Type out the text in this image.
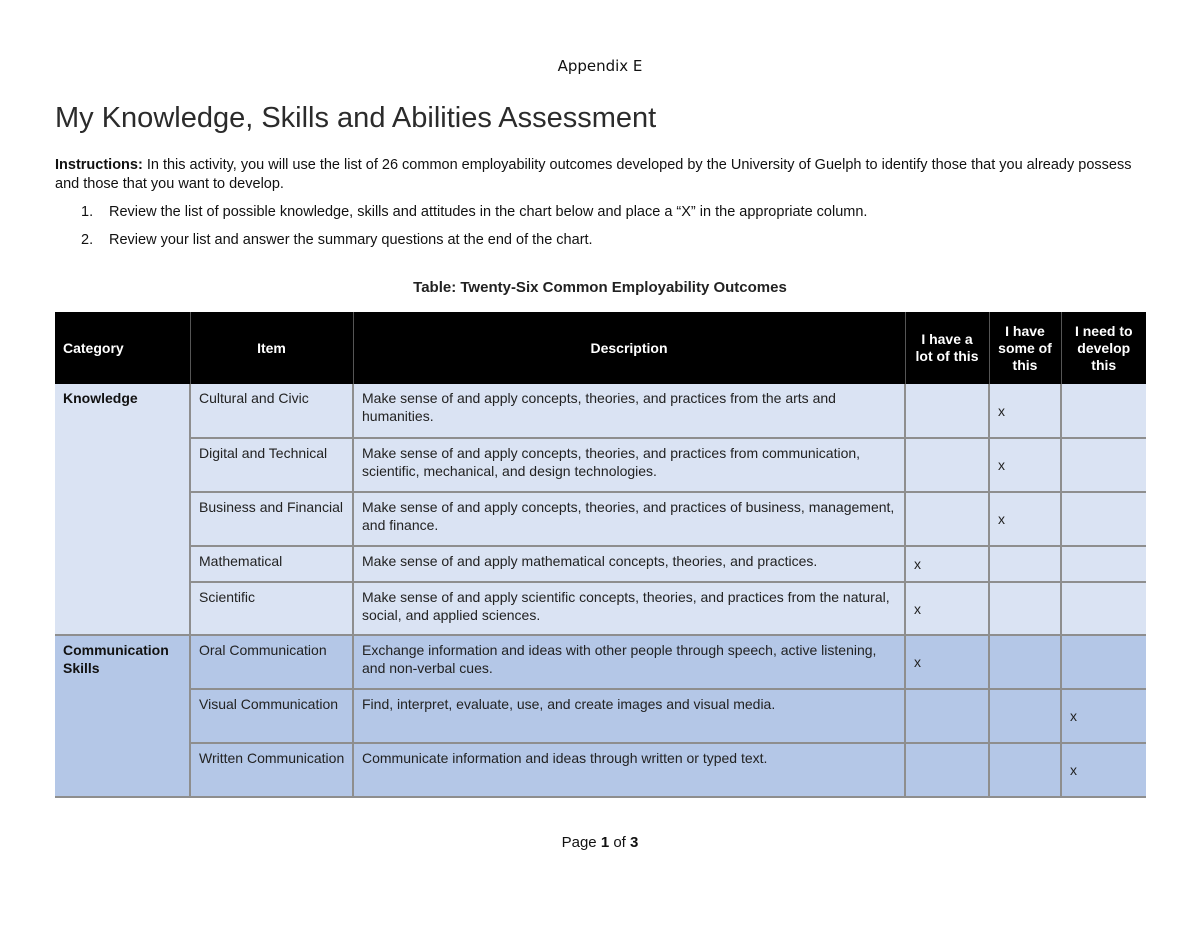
Appendix E
My Knowledge, Skills and Abilities Assessment
Instructions: In this activity, you will use the list of 26 common employability outcomes developed by the University of Guelph to identify those that you already possess and those that you want to develop.
1. Review the list of possible knowledge, skills and attitudes in the chart below and place a “X” in the appropriate column.
2. Review your list and answer the summary questions at the end of the chart.
Table: Twenty-Six Common Employability Outcomes
Category	Item	Description	I have a lot of this	I have some of this	I need to develop this
Knowledge	Cultural and Civic	Make sense of and apply concepts, theories, and practices from the arts and humanities.		x	
	Digital and Technical	Make sense of and apply concepts, theories, and practices from communication, scientific, mechanical, and design technologies.		x	
	Business and Financial	Make sense of and apply concepts, theories, and practices of business, management, and finance.		x	
	Mathematical	Make sense of and apply mathematical concepts, theories, and practices.	x		
	Scientific	Make sense of and apply scientific concepts, theories, and practices from the natural, social, and applied sciences.	x		
Communication Skills	Oral Communication	Exchange information and ideas with other people through speech, active listening, and non-verbal cues.	x		
	Visual Communication	Find, interpret, evaluate, use, and create images and visual media.			x
	Written Communication	Communicate information and ideas through written or typed text.			x
Page 1 of 3
